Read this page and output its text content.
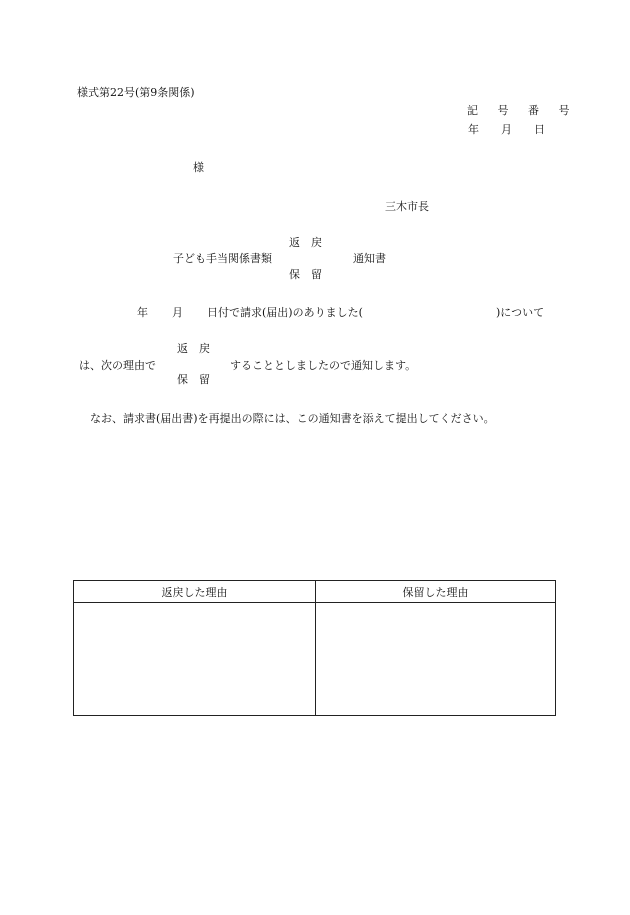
様式第22号(第9条関係)
記 号 番 号
年　　月　　日
様
三木市長
返　戻
子ども手当関係書類	通知書
保　留
年 月 日付で請求(届出)のありました(	)について
返　戻
は、次の理由で	することとしましたので通知します。
保　留
なお、請求書(届出書)を再提出の際には、この通知書を添えて提出してください。
返戻した理由	保留した理由
